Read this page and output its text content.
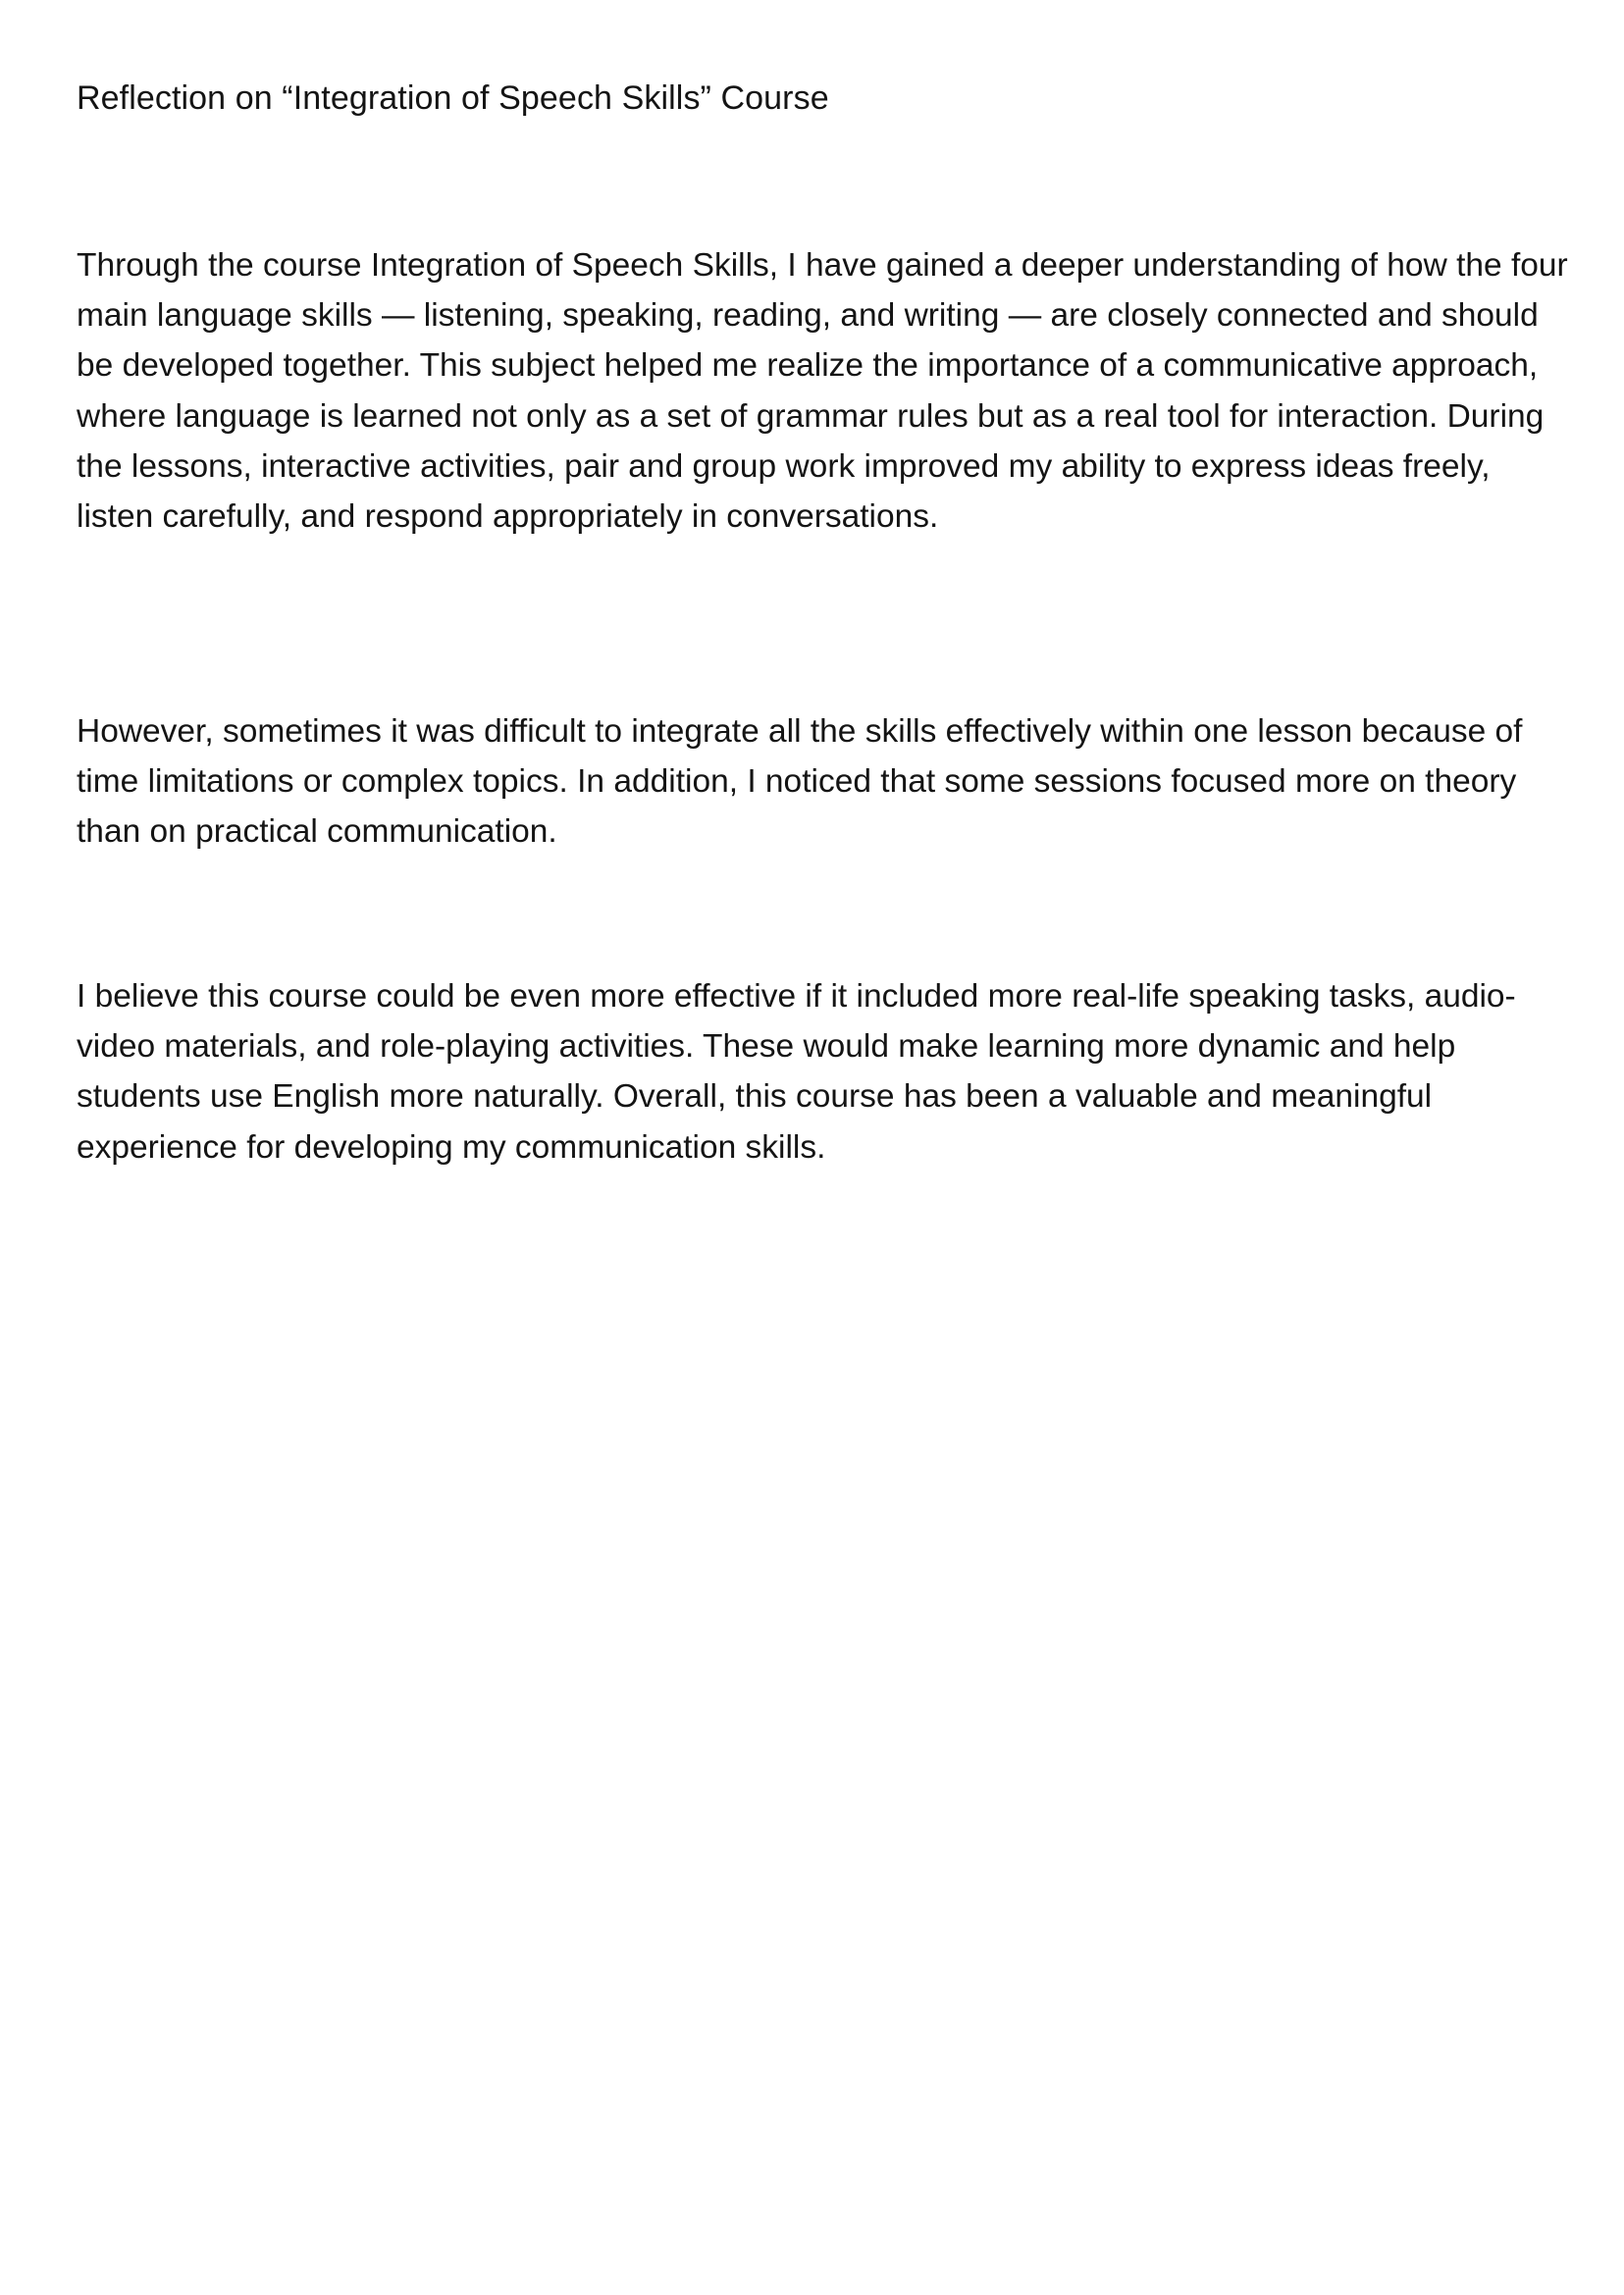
Reflection on “Integration of Speech Skills” Course

Through the course Integration of Speech Skills, I have gained a deeper understanding of how the four main language skills — listening, speaking, reading, and writing — are closely connected and should be developed together. This subject helped me realize the importance of a communicative approach, where language is learned not only as a set of grammar rules but as a real tool for interaction. During the lessons, interactive activities, pair and group work improved my ability to express ideas freely, listen carefully, and respond appropriately in conversations.

However, sometimes it was difficult to integrate all the skills effectively within one lesson because of time limitations or complex topics. In addition, I noticed that some sessions focused more on theory than on practical communication.

I believe this course could be even more effective if it included more real-life speaking tasks, audio-video materials, and role-playing activities. These would make learning more dynamic and help students use English more naturally. Overall, this course has been a valuable and meaningful experience for developing my communication skills.
